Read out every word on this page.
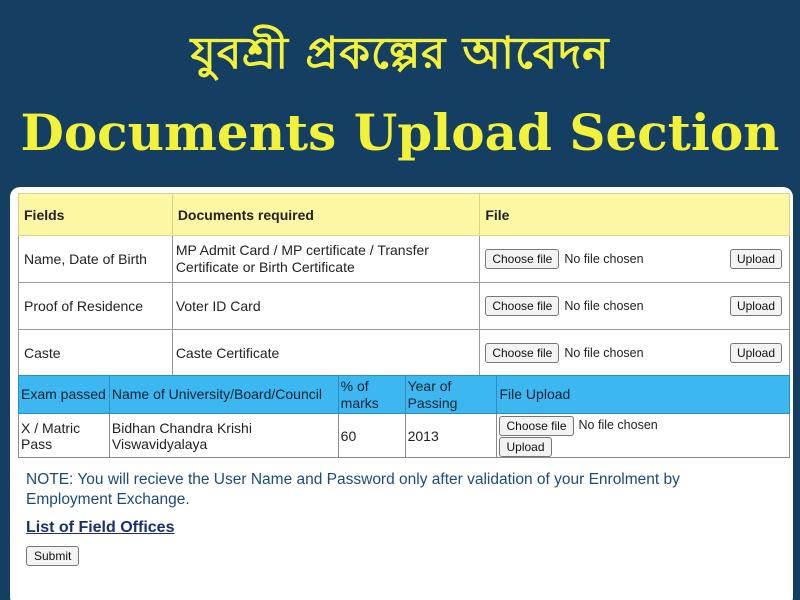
যুবশ্রী প্রকল্পের আবেদন
Documents Upload Section
Fields	Documents required	File
Name, Date of Birth	MP Admit Card / MP certificate / Transfer Certificate or Birth Certificate	Choose file No file chosen Upload

Proof of Residence	Voter ID Card	Choose file No file chosen Upload

Caste	Caste Certificate	Choose file No file chosen Upload
Exam passed	Name of University/Board/Council	% of marks	Year of Passing	File Upload
X / Matric Pass	Bidhan Chandra Krishi Viswavidyalaya	60	2013	Choose file No file chosen
Upload
NOTE: You will recieve the User Name and Password only after validation of your Enrolment by Employment Exchange.
List of Field Offices
Submit
